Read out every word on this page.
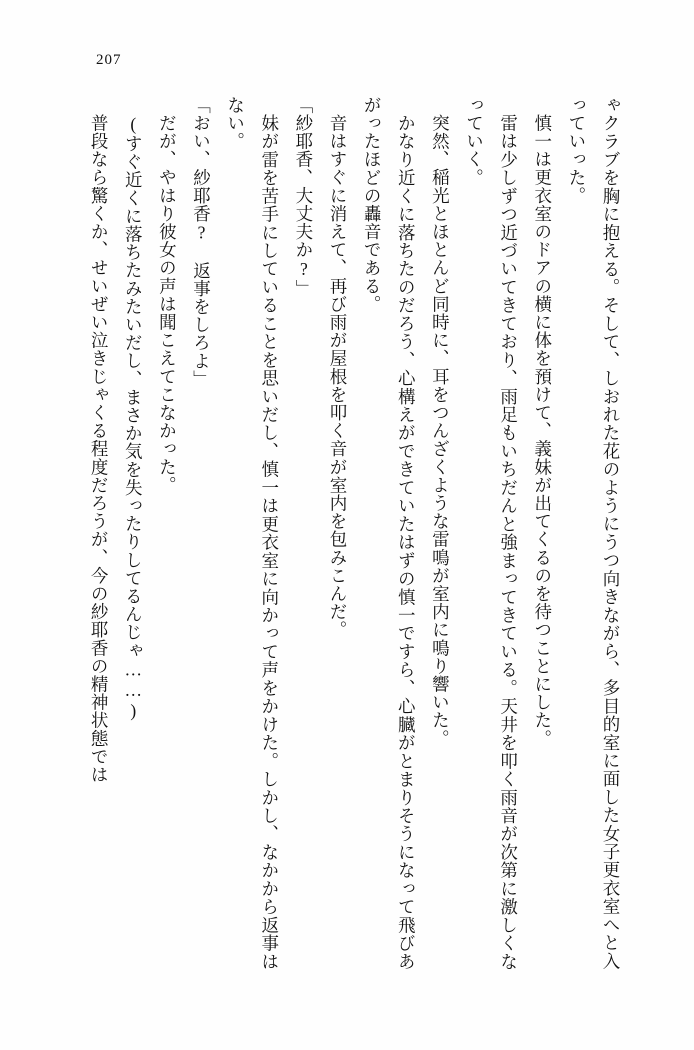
207

ゃクラブを胸に抱える。そして、しおれた花のようにうつ向きながら、多目的室に面した女子更衣室へと入っていった。

慎一は更衣室のドアの横に体を預けて、義妹が出てくるのを待つことにした。

雷は少しずつ近づいてきており、雨足もいちだんと強まってきている。天井を叩く雨音が次第に激しくなっていく。

突然、稲光とほとんど同時に、耳をつんざくような雷鳴が室内に鳴り響いた。

かなり近くに落ちたのだろう、心構えができていたはずの慎一ですら、心臓がとまりそうになって飛びあがったほどの轟音である。

音はすぐに消えて、再び雨が屋根を叩く音が室内を包みこんだ。

「紗耶香、大丈夫か?」

妹が雷を苦手にしていることを思いだし、慎一は更衣室に向かって声をかけた。しかし、なかから返事はない。

「おい、紗耶香?　返事をしろよ」

だが、やはり彼女の声は聞こえてこなかった。

(すぐ近くに落ちたみたいだし、まさか気を失ったりしてるんじゃ……)

普段なら驚くか、せいぜい泣きじゃくる程度だろうが、今の紗耶香の精神状態では
